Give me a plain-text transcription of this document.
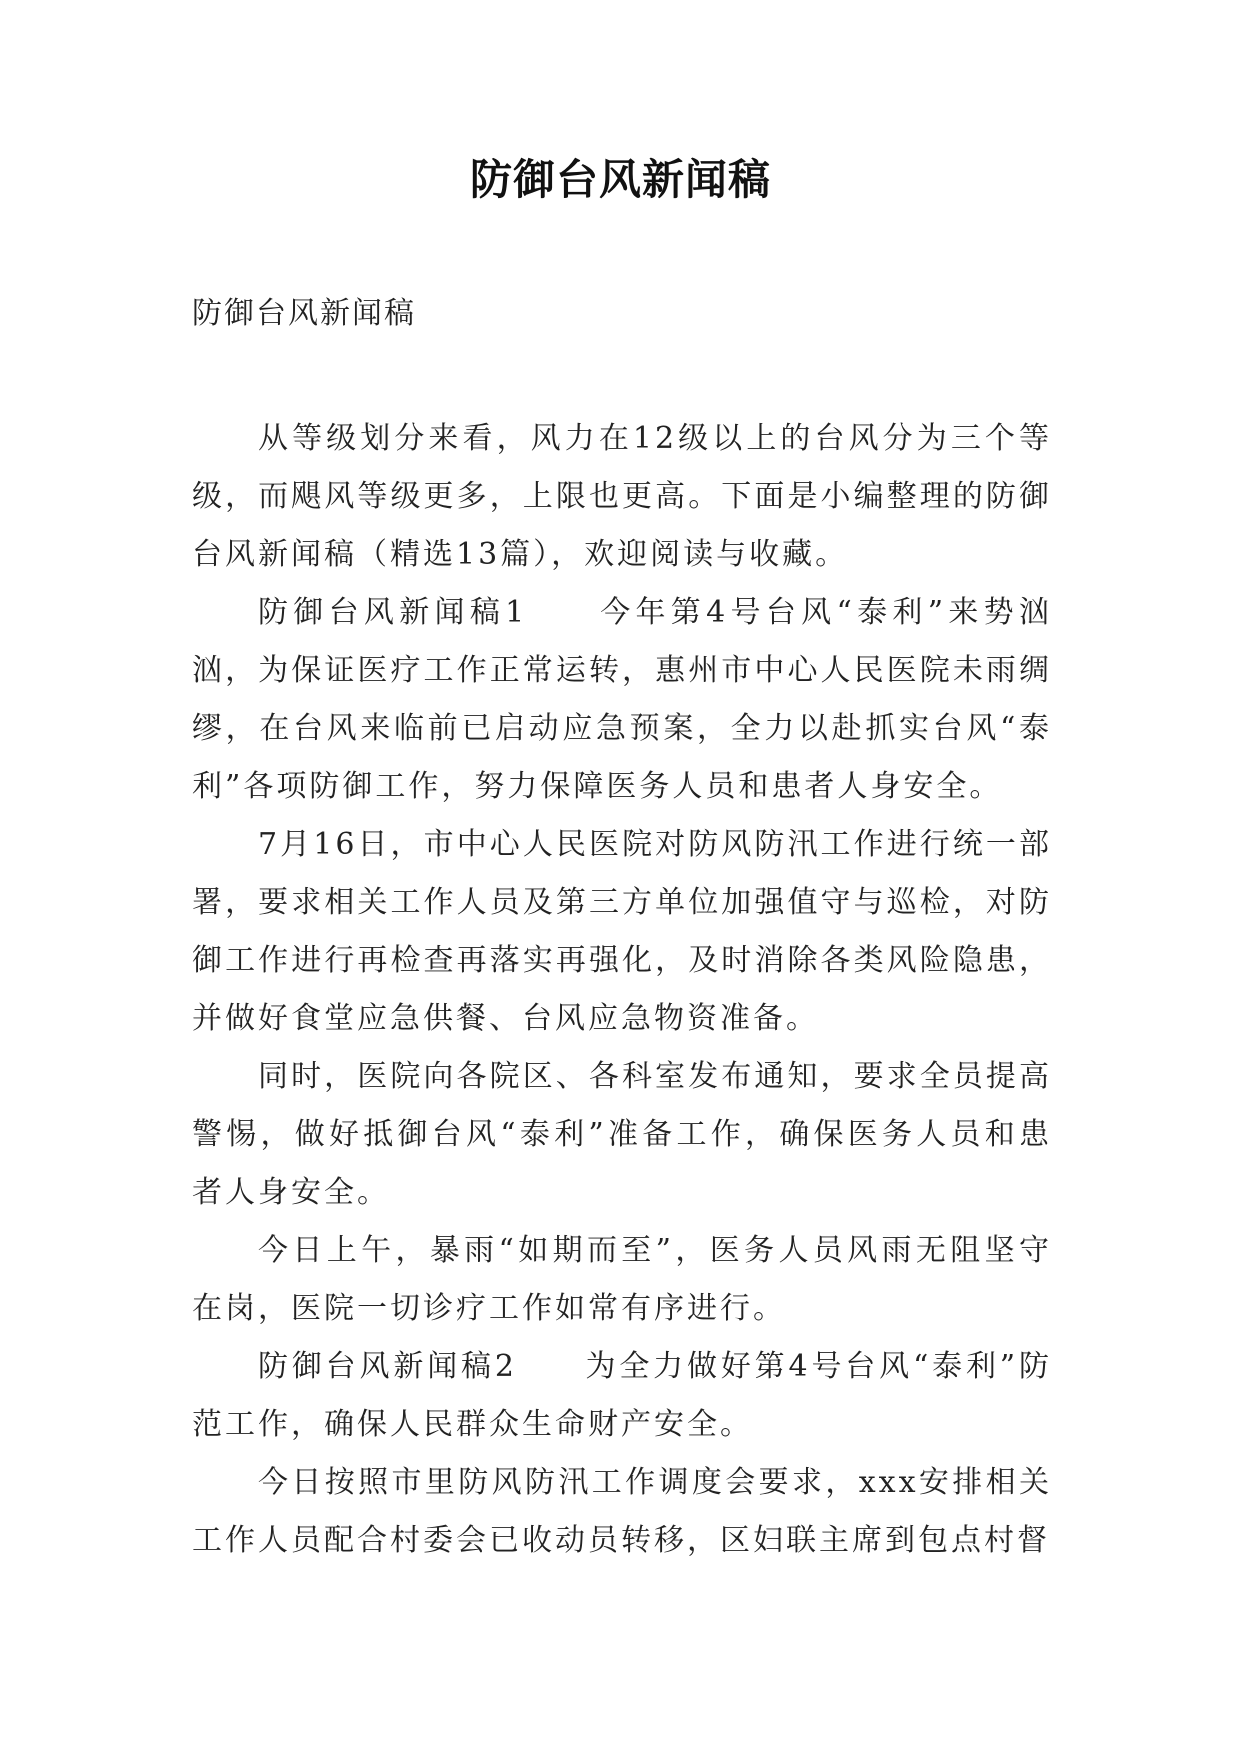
防御台风新闻稿
防御台风新闻稿

从等级划分来看，风力在12级以上的台风分为三个等级，而飓风等级更多，上限也更高。下面是小编整理的防御台风新闻稿（精选13篇），欢迎阅读与收藏。

防御台风新闻稿1　　今年第4号台风“泰利”来势汹汹，为保证医疗工作正常运转，惠州市中心人民医院未雨绸缪，在台风来临前已启动应急预案，全力以赴抓实台风“泰利”各项防御工作，努力保障医务人员和患者人身安全。

7月16日，市中心人民医院对防风防汛工作进行统一部署，要求相关工作人员及第三方单位加强值守与巡检，对防御工作进行再检查再落实再强化，及时消除各类风险隐患，并做好食堂应急供餐、台风应急物资准备。

同时，医院向各院区、各科室发布通知，要求全员提高警惕，做好抵御台风“泰利”准备工作，确保医务人员和患者人身安全。

今日上午，暴雨“如期而至”，医务人员风雨无阻坚守在岗，医院一切诊疗工作如常有序进行。

防御台风新闻稿2　　为全力做好第4号台风“泰利”防范工作，确保人民群众生命财产安全。

今日按照市里防风防汛工作调度会要求，xxx安排相关工作人员配合村委会已收动员转移，区妇联主席到包点村督
